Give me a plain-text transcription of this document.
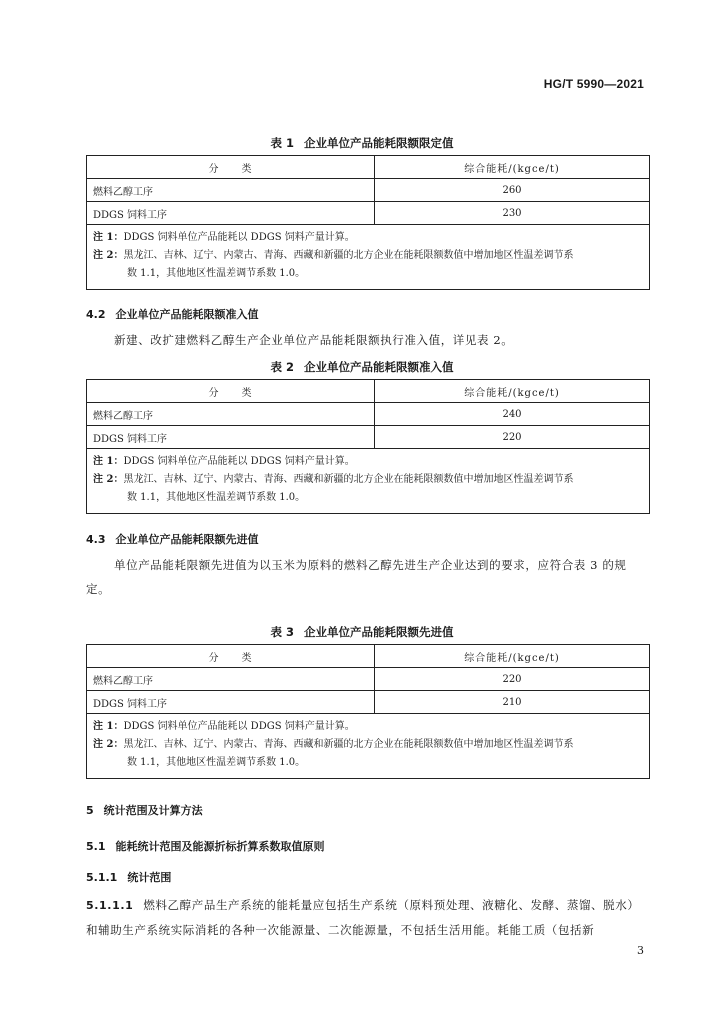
HG/T 5990—2021
表 1 企业单位产品能耗限额限定值
分　　类	综合能耗/(kgce/t)
燃料乙醇工序	260
DDGS 饲料工序	230

注 1：DDGS 饲料单位产品能耗以 DDGS 饲料产量计算。
注 2：黑龙江、吉林、辽宁、内蒙古、青海、西藏和新疆的北方企业在能耗限额数值中增加地区性温差调节系
数 1.1，其他地区性温差调节系数 1.0。	
4.2 企业单位产品能耗限额准入值
新建、改扩建燃料乙醇生产企业单位产品能耗限额执行准入值，详见表 2。
表 2 企业单位产品能耗限额准入值
分　　类	综合能耗/(kgce/t)
燃料乙醇工序	240
DDGS 饲料工序	220

注 1：DDGS 饲料单位产品能耗以 DDGS 饲料产量计算。
注 2：黑龙江、吉林、辽宁、内蒙古、青海、西藏和新疆的北方企业在能耗限额数值中增加地区性温差调节系
数 1.1，其他地区性温差调节系数 1.0。	
4.3 企业单位产品能耗限额先进值
单位产品能耗限额先进值为以玉米为原料的燃料乙醇先进生产企业达到的要求，应符合表 3 的规定。
表 3 企业单位产品能耗限额先进值
分　　类	综合能耗/(kgce/t)
燃料乙醇工序	220
DDGS 饲料工序	210

注 1：DDGS 饲料单位产品能耗以 DDGS 饲料产量计算。
注 2：黑龙江、吉林、辽宁、内蒙古、青海、西藏和新疆的北方企业在能耗限额数值中增加地区性温差调节系
数 1.1，其他地区性温差调节系数 1.0。	
5 统计范围及计算方法
5.1 能耗统计范围及能源折标折算系数取值原则
5.1.1 统计范围
5.1.1.1 燃料乙醇产品生产系统的能耗量应包括生产系统（原料预处理、液糖化、发酵、蒸馏、脱水）和辅助生产系统实际消耗的各种一次能源量、二次能源量，不包括生活用能。耗能工质（包括新
3
